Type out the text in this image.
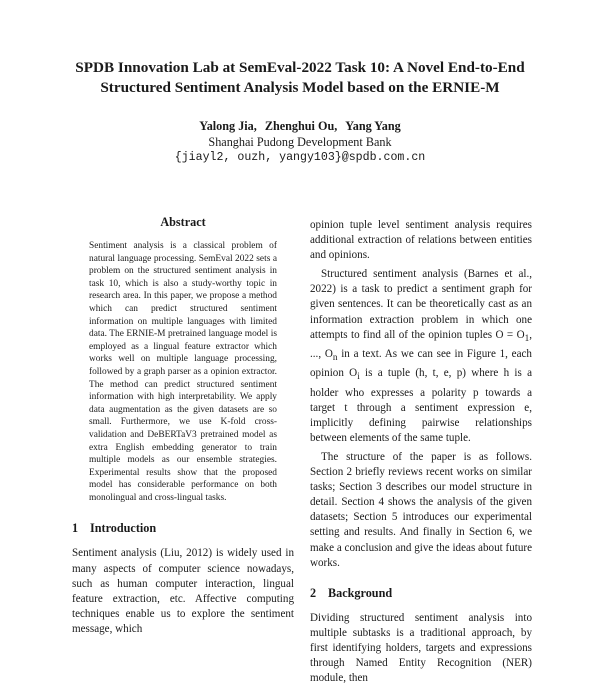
SPDB Innovation Lab at SemEval-2022 Task 10: A Novel End-to-End
Structured Sentiment Analysis Model based on the ERNIE-M
Yalong Jia, Zhenghui Ou, Yang Yang
Shanghai Pudong Development Bank
{jiayl2, ouzh, yangy103}@spdb.com.cn
Abstract

Sentiment analysis is a classical problem of natural language processing. SemEval 2022 sets a problem on the structured sentiment analysis in task 10, which is also a study-worthy topic in research area. In this paper, we propose a method which can predict structured sentiment information on multiple languages with limited data. The ERNIE-M pretrained language model is employed as a lingual feature extractor which works well on multiple language processing, followed by a graph parser as a opinion extractor. The method can predict structured sentiment information with high interpretability. We apply data augmentation as the given datasets are so small. Furthermore, we use K-fold cross-validation and DeBERTaV3 pretrained model as extra English embedding generator to train multiple models as our ensemble strategies. Experimental results show that the proposed model has considerable performance on both monolingual and cross-lingual tasks.

1 Introduction

Sentiment analysis (Liu, 2012) is widely used in many aspects of computer science nowadays, such as human computer interaction, lingual feature extraction, etc. Affective computing techniques enable us to explore the sentiment message, which

opinion tuple level sentiment analysis requires additional extraction of relations between entities and opinions.

Structured sentiment analysis (Barnes et al., 2022) is a task to predict a sentiment graph for given sentences. It can be theoretically cast as an information extraction problem in which one attempts to find all of the opinion tuples $O = O_1$, ..., $O_n$ in a text. As we can see in Figure 1, each opinion $O_i$ is a tuple (h, t, e, p) where h is a holder who expresses a polarity p towards a target t through a sentiment expression e, implicitly defining pairwise relationships between elements of the same tuple.

The structure of the paper is as follows. Section 2 briefly reviews recent works on similar tasks; Section 3 describes our model structure in detail. Section 4 shows the analysis of the given datasets; Section 5 introduces our experimental setting and results. And finally in Section 6, we make a conclusion and give the ideas about future works.

2 Background

Dividing structured sentiment analysis into multiple subtasks is a traditional approach, by first identifying holders, targets and expressions through Named Entity Recognition (NER) module, then
